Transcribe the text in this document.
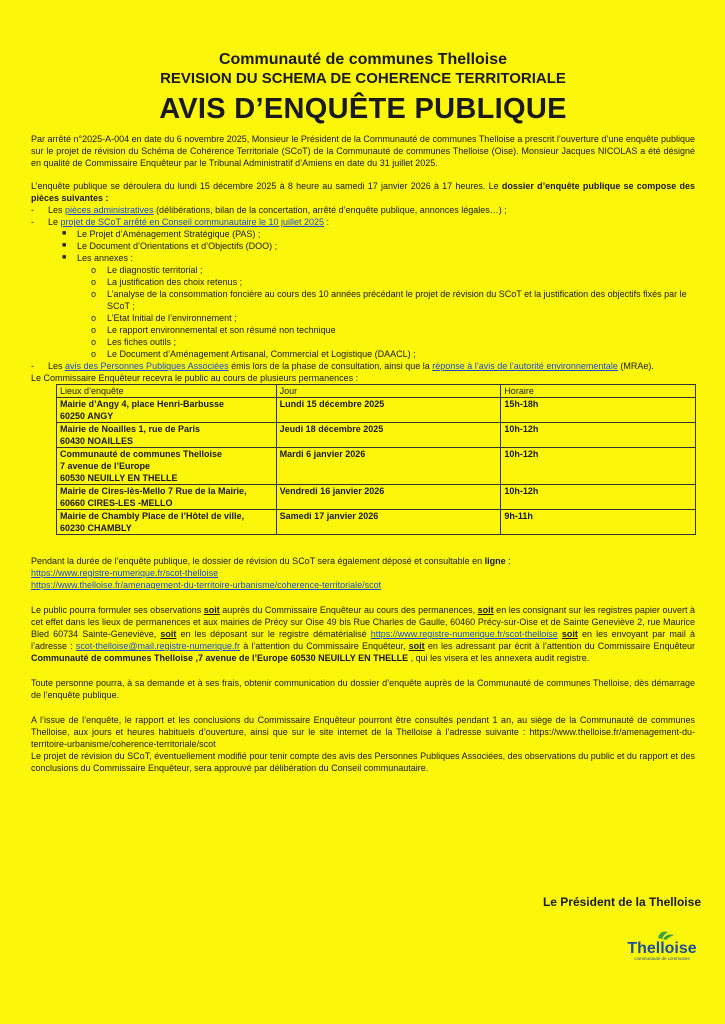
Communauté de communes Thelloise
REVISION DU SCHEMA DE COHERENCE TERRITORIALE
AVIS D’ENQUÊTE PUBLIQUE

Par arrêté n°2025-A-004 en date du 6 novembre 2025, Monsieur le Président de la Communauté de communes Thelloise a prescrit l’ouverture d’une enquête publique sur le projet de révision du Schéma de Cohérence Territoriale (SCoT) de la Communauté de communes Thelloise (Oise). Monsieur Jacques NICOLAS a été désigné en qualité de Commissaire Enquêteur par le Tribunal Administratif d’Amiens en date du 31 juillet 2025.

L’enquête publique se déroulera du lundi 15 décembre 2025 à 8 heure au samedi 17 janvier 2026 à 17 heures. Le dossier d’enquête publique se compose des pièces suivantes :

-	Les pièces administratives (délibérations, bilan de la concertation, arrêté d’enquête publique, annonces légales…) ;
-	Le projet de SCoT arrêté en Conseil communautaire le 10 juillet 2025 :
■	Le Projet d’Aménagement Stratégique (PAS) ;
■	Le Document d’Orientations et d’Objectifs (DOO) ;
■	Les annexes :
o	Le diagnostic territorial ;
o	La justification des choix retenus ;
o	L’analyse de la consommation foncière au cours des 10 années précédant le projet de révision du SCoT et la justification des objectifs fixés par le SCoT ;
o	L’Etat Initial de l’environnement ;
o	Le rapport environnemental et son résumé non technique
o	Les fiches outils ;
o	Le Document d’Aménagement Artisanal, Commercial et Logistique (DAACL) ;
-	Les avis des Personnes Publiques Associées émis lors de la phase de consultation, ainsi que la réponse à l’avis de l’autorité environnementale (MRAe).
Le Commissaire Enquêteur recevra le public au cours de plusieurs permanences :
Lieux d’enquête	Jour	Horaire
Mairie d’Angy 4, place Henri-Barbusse
60250 ANGY	Lundi 15 décembre 2025	15h-18h
Mairie de Noailles 1, rue de Paris
60430 NOAILLES	Jeudi 18 décembre 2025	10h-12h
Communauté de communes Thelloise
7 avenue de l’Europe
60530 NEUILLY EN THELLE	Mardi 6 janvier 2026	10h-12h
Mairie de Cires-lès-Mello 7 Rue de la Mairie,
60660 CIRES-LES -MELLO	Vendredi 16 janvier 2026	10h-12h
Mairie de Chambly Place de l’Hôtel de ville,
60230 CHAMBLY	Samedi 17 janvier 2026	9h-11h

Pendant la durée de l’enquête publique, le dossier de révision du SCoT sera également déposé et consultable en ligne :

https://www.registre-numerique.fr/scot-thelloise
https://www.thelloise.fr/amenagement-du-territoire-urbanisme/coherence-territoriale/scot

Le public pourra formuler ses observations soit auprès du Commissaire Enquêteur au cours des permanences, soit en les consignant sur les registres papier ouvert à cet effet dans les lieux de permanences et aux mairies de Précy sur Oise 49 bis Rue Charles de Gaulle, 60460 Précy-sur-Oise et de Sainte Geneviève 2, rue Maurice Bled 60734 Sainte-Geneviève, soit en les déposant sur le registre dématérialisé https://www.registre-numerique.fr/scot-thelloise soit en les envoyant par mail à l’adresse : scot-thelloise@mail.registre-numerique.fr à l’attention du Commissaire Enquêteur, soit en les adressant par écrit à l’attention du Commissaire Enquêteur Communauté de communes Thelloise ,7 avenue de l’Europe 60530 NEUILLY EN THELLE , qui les visera et les annexera audit registre.

Toute personne pourra, à sa demande et à ses frais, obtenir communication du dossier d’enquête auprès de la Communauté de communes Thelloise, dès démarrage de l’enquête publique.

A l’issue de l’enquête, le rapport et les conclusions du Commissaire Enquêteur pourront être consultés pendant 1 an, au siège de la Communauté de communes Thelloise, aux jours et heures habituels d’ouverture, ainsi que sur le site internet de la Thelloise à l’adresse suivante : https://www.thelloise.fr/amenagement-du-territoire-urbanisme/coherence-territoriale/scot

Le projet de révision du SCoT, éventuellement modifié pour tenir compte des avis des Personnes Publiques Associées, des observations du public et du rapport et des conclusions du Commissaire Enquêteur, sera approuvé par délibération du Conseil communautaire.

Le Président de la Thelloise
Thelloise
communauté de communes
